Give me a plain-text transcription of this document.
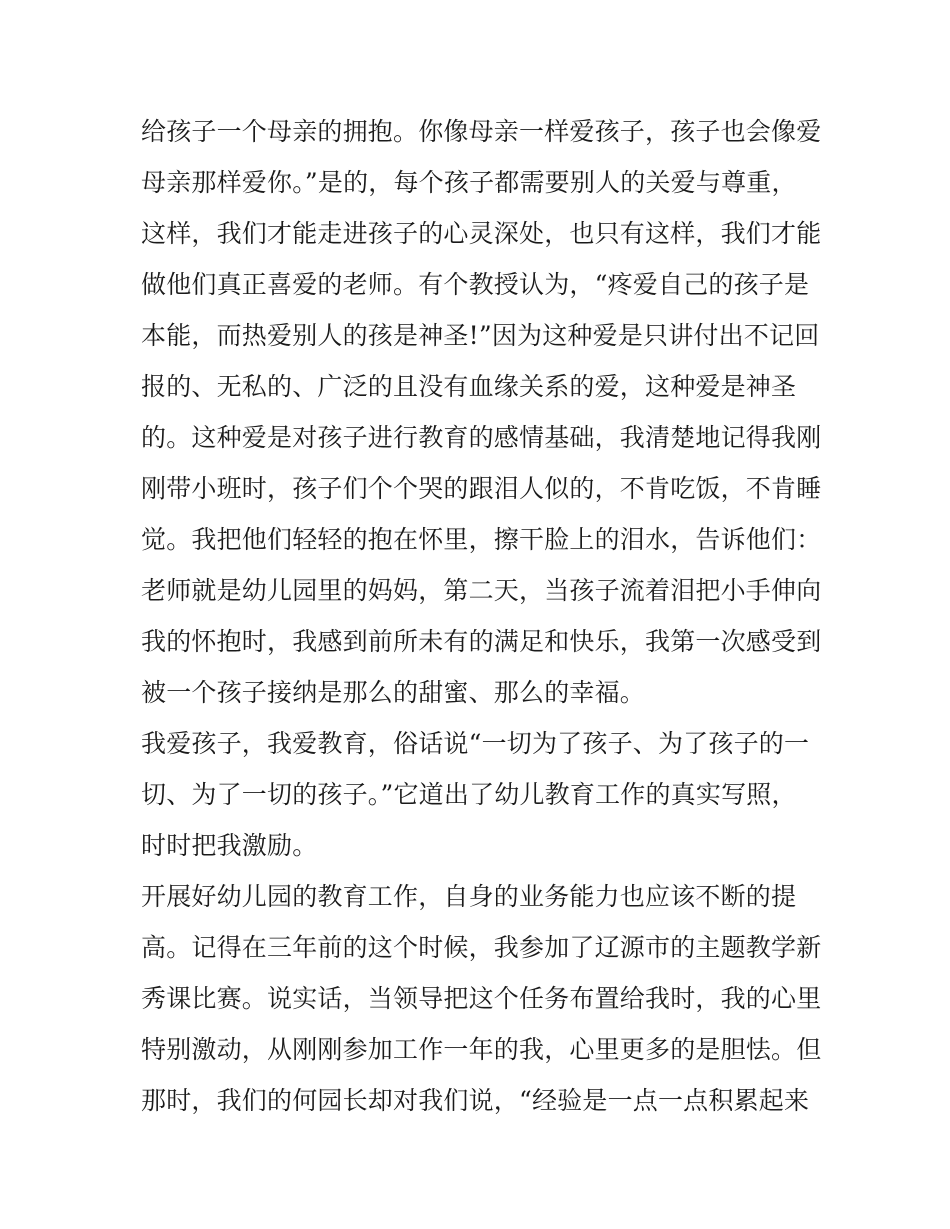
给孩子一个母亲的拥抱。你像母亲一样爱孩子，孩子也会像爱
母亲那样爱你。”是的，每个孩子都需要别人的关爱与尊重，
这样，我们才能走进孩子的心灵深处，也只有这样，我们才能
做他们真正喜爱的老师。有个教授认为，“疼爱自己的孩子是
本能，而热爱别人的孩是神圣!”因为这种爱是只讲付出不记回
报的、无私的、广泛的且没有血缘关系的爱，这种爱是神圣
的。这种爱是对孩子进行教育的感情基础，我清楚地记得我刚
刚带小班时，孩子们个个哭的跟泪人似的，不肯吃饭，不肯睡
觉。我把他们轻轻的抱在怀里，擦干脸上的泪水，告诉他们：
老师就是幼儿园里的妈妈，第二天，当孩子流着泪把小手伸向
我的怀抱时，我感到前所未有的满足和快乐，我第一次感受到
被一个孩子接纳是那么的甜蜜、那么的幸福。
我爱孩子，我爱教育，俗话说“一切为了孩子、为了孩子的一
切、为了一切的孩子。”它道出了幼儿教育工作的真实写照，
时时把我激励。
开展好幼儿园的教育工作，自身的业务能力也应该不断的提
高。记得在三年前的这个时候，我参加了辽源市的主题教学新
秀课比赛。说实话，当领导把这个任务布置给我时，我的心里
特别激动，从刚刚参加工作一年的我，心里更多的是胆怯。但
那时，我们的何园长却对我们说，“经验是一点一点积累起来
